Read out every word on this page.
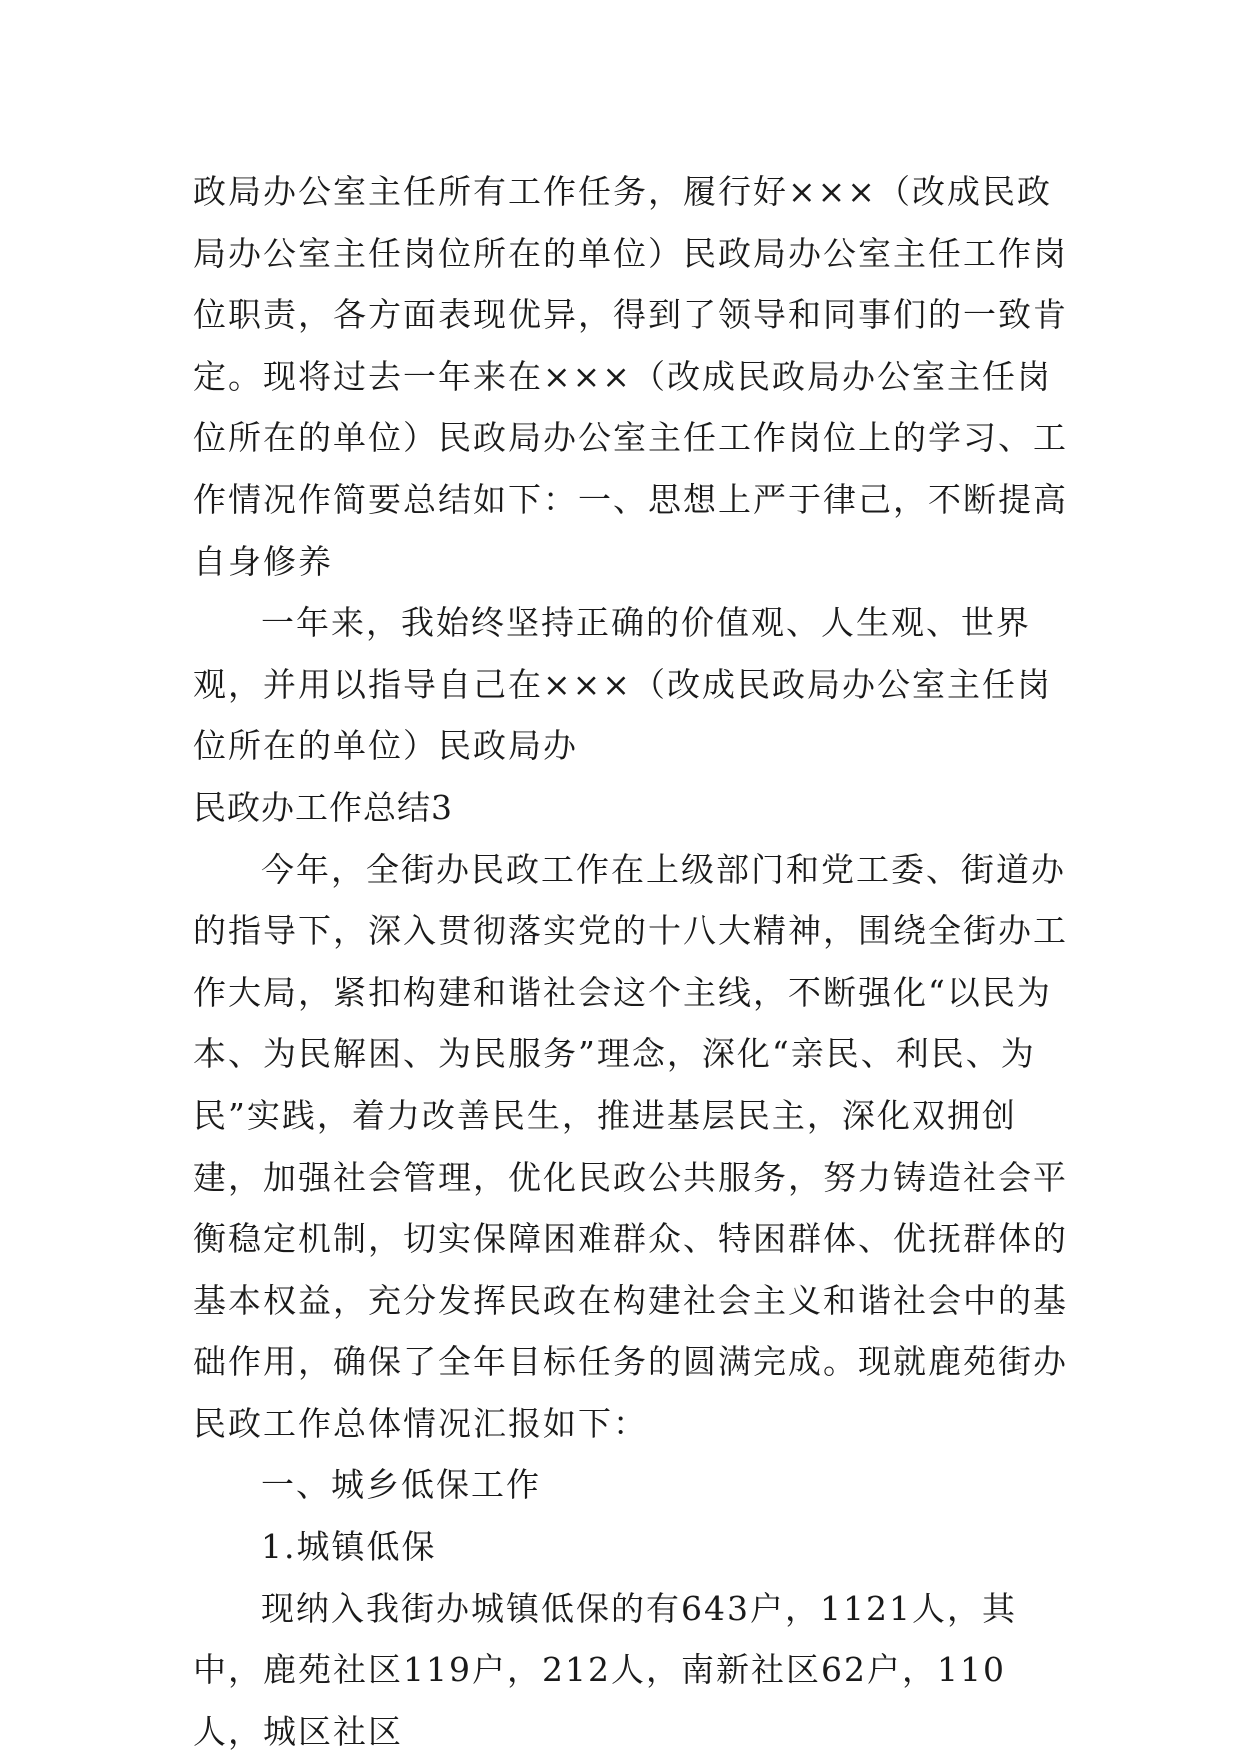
政局办公室主任所有工作任务，履行好×××（改成民政局办公室主任岗位所在的单位）民政局办公室主任工作岗位职责，各方面表现优异，得到了领导和同事们的一致肯定。现将过去一年来在×××（改成民政局办公室主任岗位所在的单位）民政局办公室主任工作岗位上的学习、工作情况作简要总结如下：一、思想上严于律己，不断提高自身修养

一年来，我始终坚持正确的价值观、人生观、世界观，并用以指导自己在×××（改成民政局办公室主任岗位所在的单位）民政局办

民政办工作总结3

今年，全街办民政工作在上级部门和党工委、街道办的指导下，深入贯彻落实党的十八大精神，围绕全街办工作大局，紧扣构建和谐社会这个主线，不断强化“以民为本、为民解困、为民服务”理念，深化“亲民、利民、为民”实践，着力改善民生，推进基层民主，深化双拥创建，加强社会管理，优化民政公共服务，努力铸造社会平衡稳定机制，切实保障困难群众、特困群体、优抚群体的基本权益，充分发挥民政在构建社会主义和谐社会中的基础作用，确保了全年目标任务的圆满完成。现就鹿苑街办民政工作总体情况汇报如下：

一、城乡低保工作

1.城镇低保

现纳入我街办城镇低保的有643户，1121人，其中，鹿苑社区119户，212人，南新社区62户，110人，城区社区
